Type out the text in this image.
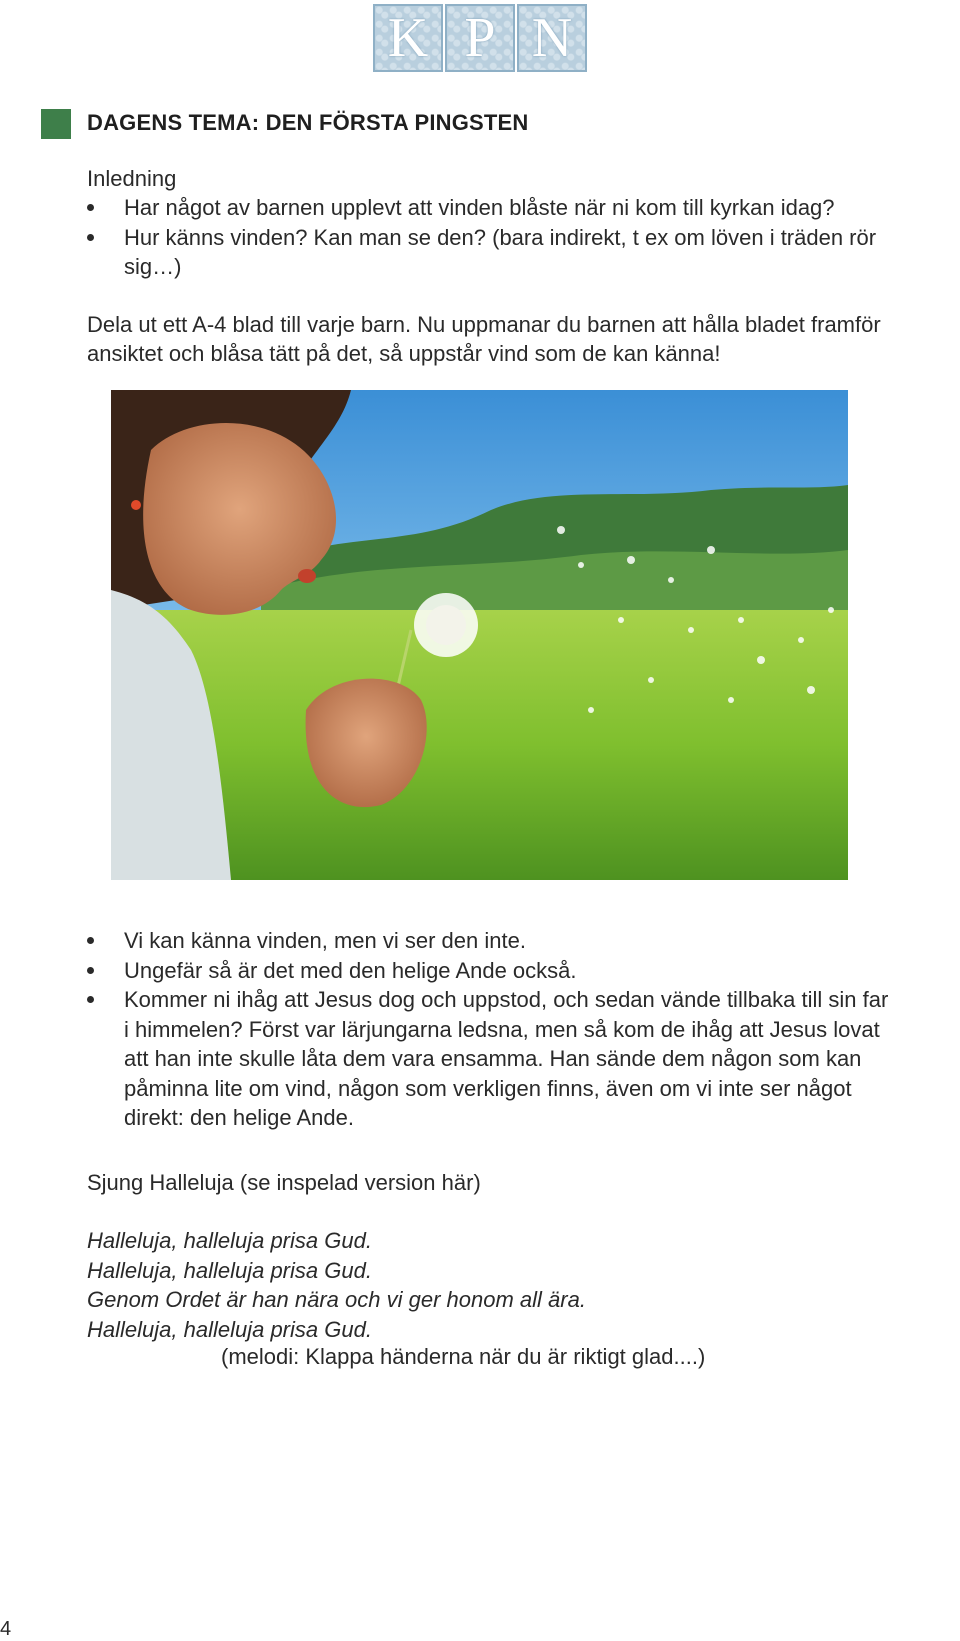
K P N
DAGENS TEMA: DEN FÖRSTA PINGSTEN
Inledning
Har något av barnen upplevt att vinden blåste när ni kom till kyrkan idag?
Hur känns vinden? Kan man se den? (bara indirekt, t ex om löven i träden rör
sig…)
Dela ut ett A-4 blad till varje barn. Nu uppmanar du barnen att hålla bladet framför
ansiktet och blåsa tätt på det, så uppstår vind som de kan känna!
Vi kan känna vinden, men vi ser den inte.
Ungefär så är det med den helige Ande också.
Kommer ni ihåg att Jesus dog och uppstod, och sedan vände tillbaka till sin far
i himmelen? Först var lärjungarna ledsna, men så kom de ihåg att Jesus lovat
att han inte skulle låta dem vara ensamma. Han sände dem någon som kan
påminna lite om vind, någon som verkligen finns, även om vi inte ser något
direkt: den helige Ande.
Sjung Halleluja (se inspelad version här)
Halleluja, halleluja prisa Gud.
Halleluja, halleluja prisa Gud.
Genom Ordet är han nära och vi ger honom all ära.
Halleluja, halleluja prisa Gud.
(melodi: Klappa händerna när du är riktigt glad....)
4
